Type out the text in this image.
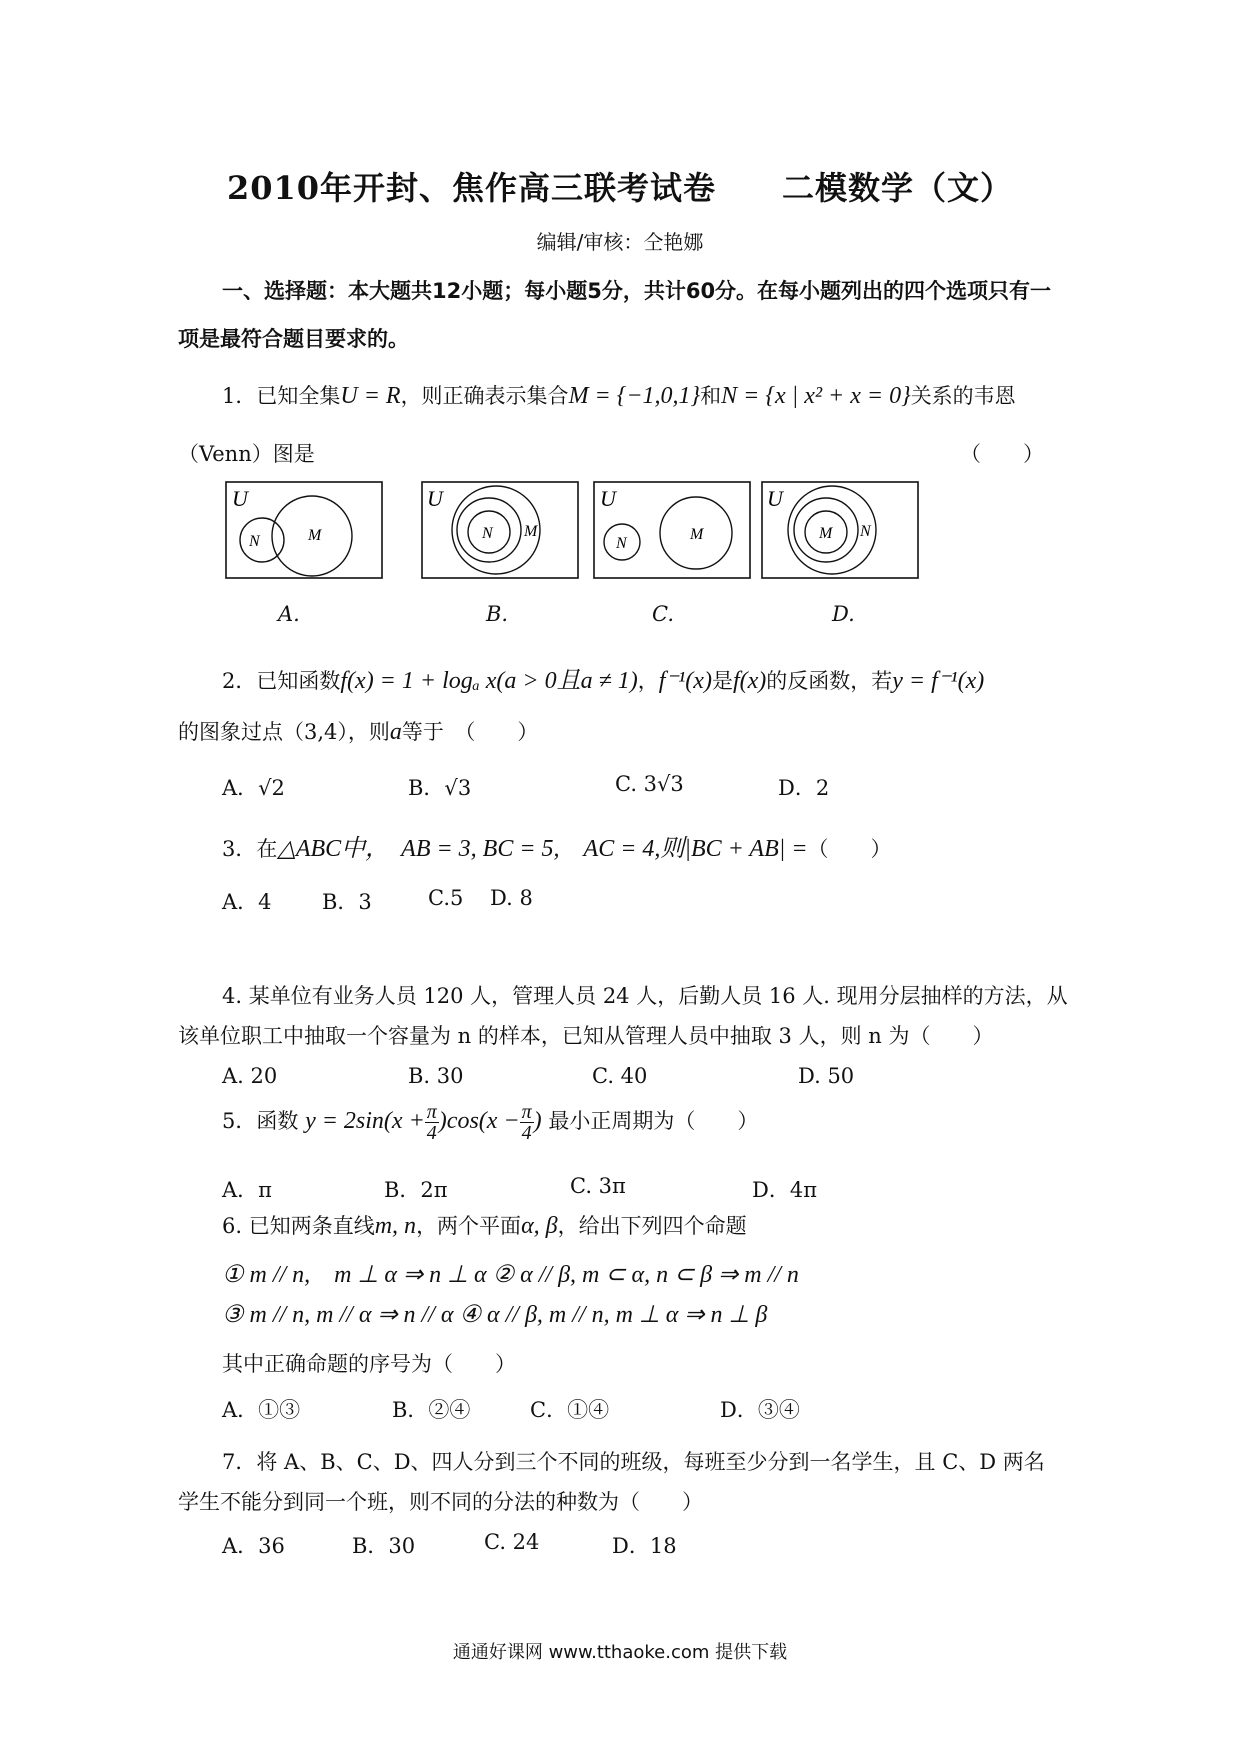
2010年开封、焦作高三联考试卷　　二模数学（文）
编辑/审核：仝艳娜
一、选择题：本大题共12小题；每小题5分，共计60分。在每小题列出的四个选项只有一
项是最符合题目要求的。
1．已知全集U = R，则正确表示集合M = {−1,0,1}和N = {x | x² + x = 0}关系的韦恩
（Venn）图是	（　　）
U
N	M
U
N M
U
N
M
U
M N
A.	B.	C.	D.
2．已知函数f(x) = 1 + logₐ x(a > 0且a ≠ 1)，f⁻¹(x)是f(x)的反函数，若y = f⁻¹(x)
的图象过点（3,4），则a等于　（　　）
A．√2	B．√3	C. 3√3	D．2
3．在△ABC中，　AB = 3, BC = 5,　AC = 4,则|BC + AB| =（　　）
A．4 B．3	C.5 D. 8
4. 某单位有业务人员 120 人，管理人员 24 人，后勤人员 16 人. 现用分层抽样的方法，从
该单位职工中抽取一个容量为 n 的样本，已知从管理人员中抽取 3 人，则 n 为（　　）
A. 20	B. 30	C. 40	D. 50
5．函数 $y = 2\sin(x + \frac{\pi}{4} )\cos(x - \frac{\pi}{4}$ ) 最小正周期为（　　）
A．π	B．2π	C. 3π	D．4π
6. 已知两条直线m, n，两个平面α, β，给出下列四个命题
① m // n,　m ⊥ α ⇒ n ⊥ α ② α // β, m ⊂ α, n ⊂ β ⇒ m // n
③ m // n, m // α ⇒ n // α ④ α // β, m // n, m ⊥ α ⇒ n ⊥ β
其中正确命题的序号为（　　）
A．①③	B．②④	C．①④	D．③④
7．将 A、B、C、D、四人分到三个不同的班级，每班至少分到一名学生，且 C、D 两名
学生不能分到同一个班，则不同的分法的种数为（　　）
A．36	B．30	C. 24	D．18
通通好课网 www.tthaoke.com 提供下载
